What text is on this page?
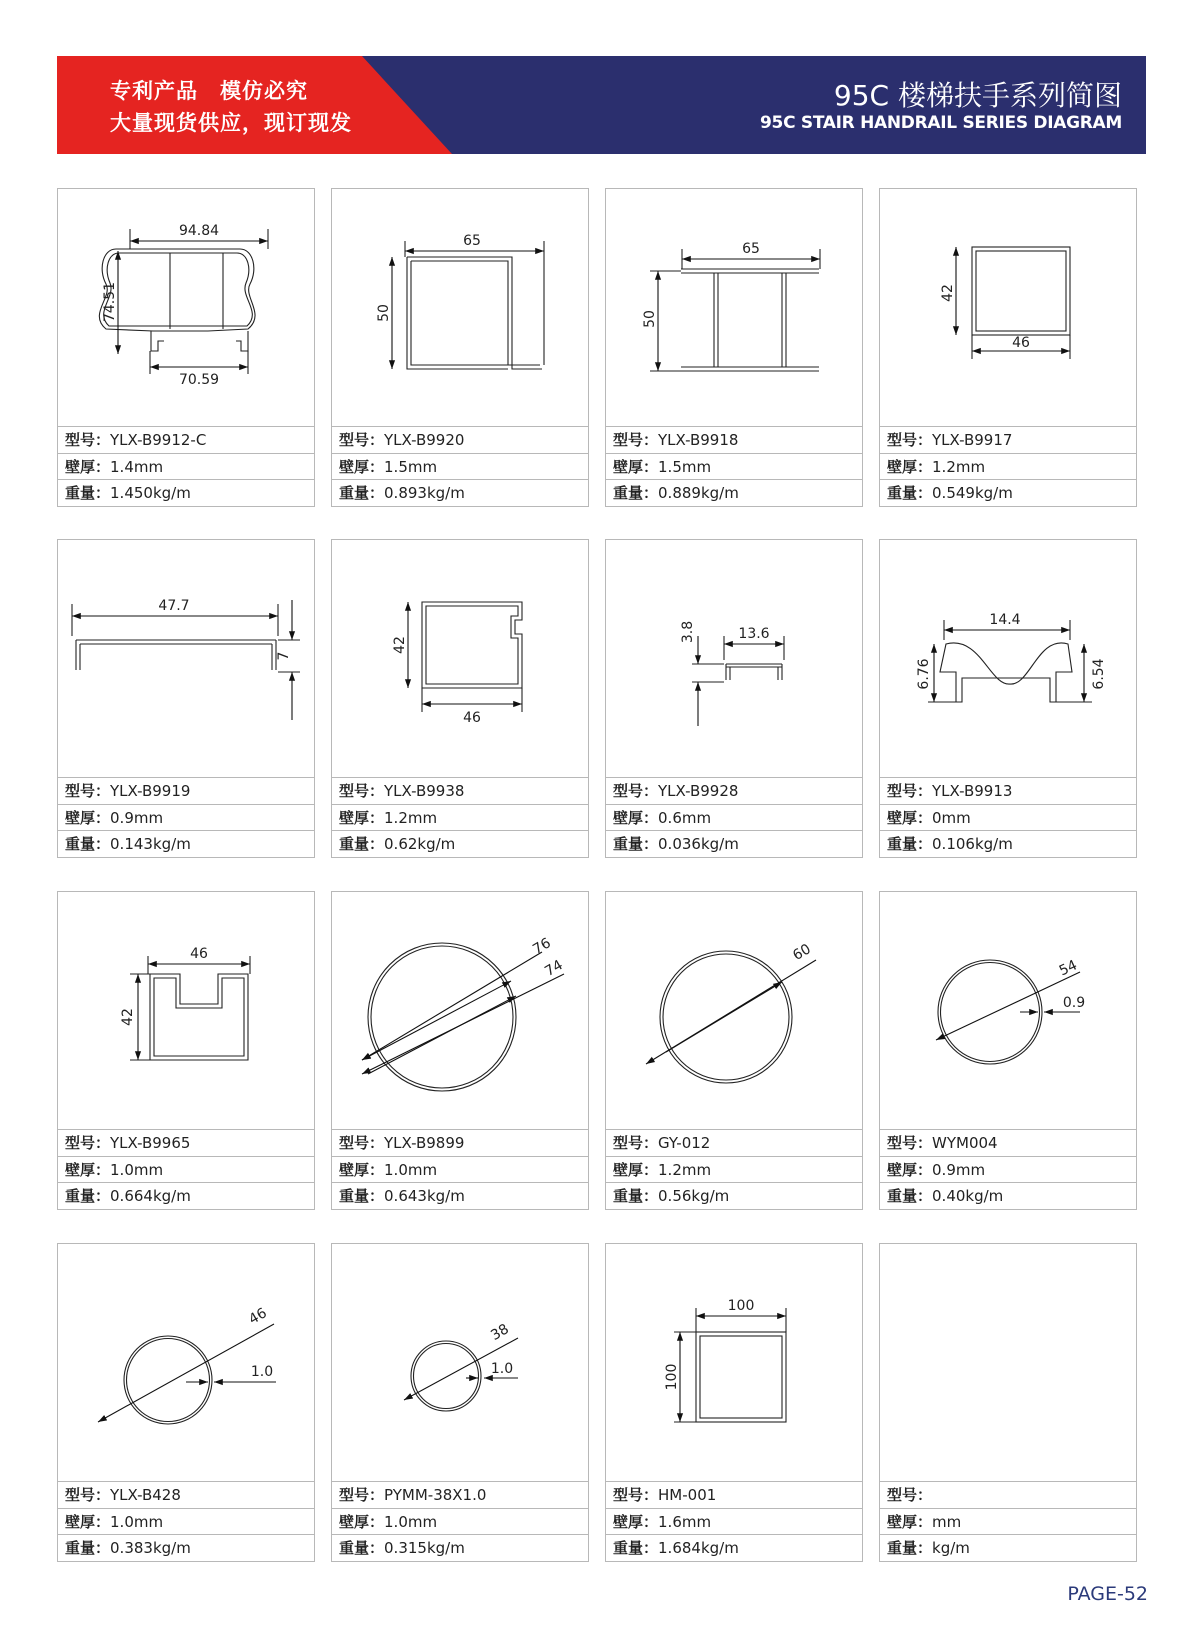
专利产品　模仿必究
大量现货供应，现订现发
95C 楼梯扶手系列简图
95C STAIR HANDRAIL SERIES DIAGRAM
94.84
74.51
70.59
型号：YLX-B9912-C
壁厚：1.4mm
重量：1.450kg/m
65
50
型号：YLX-B9920
壁厚：1.5mm
重量：0.893kg/m
65
50
型号：YLX-B9918
壁厚：1.5mm
重量：0.889kg/m
42
46
型号：YLX-B9917
壁厚：1.2mm
重量：0.549kg/m
47.7
7
型号：YLX-B9919
壁厚：0.9mm
重量：0.143kg/m
42
46
型号：YLX-B9938
壁厚：1.2mm
重量：0.62kg/m
3.8	13.6
型号：YLX-B9928
壁厚：0.6mm
重量：0.036kg/m
14.4
6.76	6.54
型号：YLX-B9913
壁厚：0mm
重量：0.106kg/m
46
42
型号：YLX-B9965
壁厚：1.0mm
重量：0.664kg/m
76
74
型号：YLX-B9899
壁厚：1.0mm
重量：0.643kg/m
60
型号：GY-012
壁厚：1.2mm
重量：0.56kg/m
54
0.9
型号：WYM004
壁厚：0.9mm
重量：0.40kg/m
46
1.0
型号：YLX-B428
壁厚：1.0mm
重量：0.383kg/m
38
1.0
型号：PYMM-38X1.0
壁厚：1.0mm
重量：0.315kg/m
100
100
型号：HM-001
壁厚：1.6mm
重量：1.684kg/m
型号：
壁厚：mm
重量：kg/m
PAGE-52
